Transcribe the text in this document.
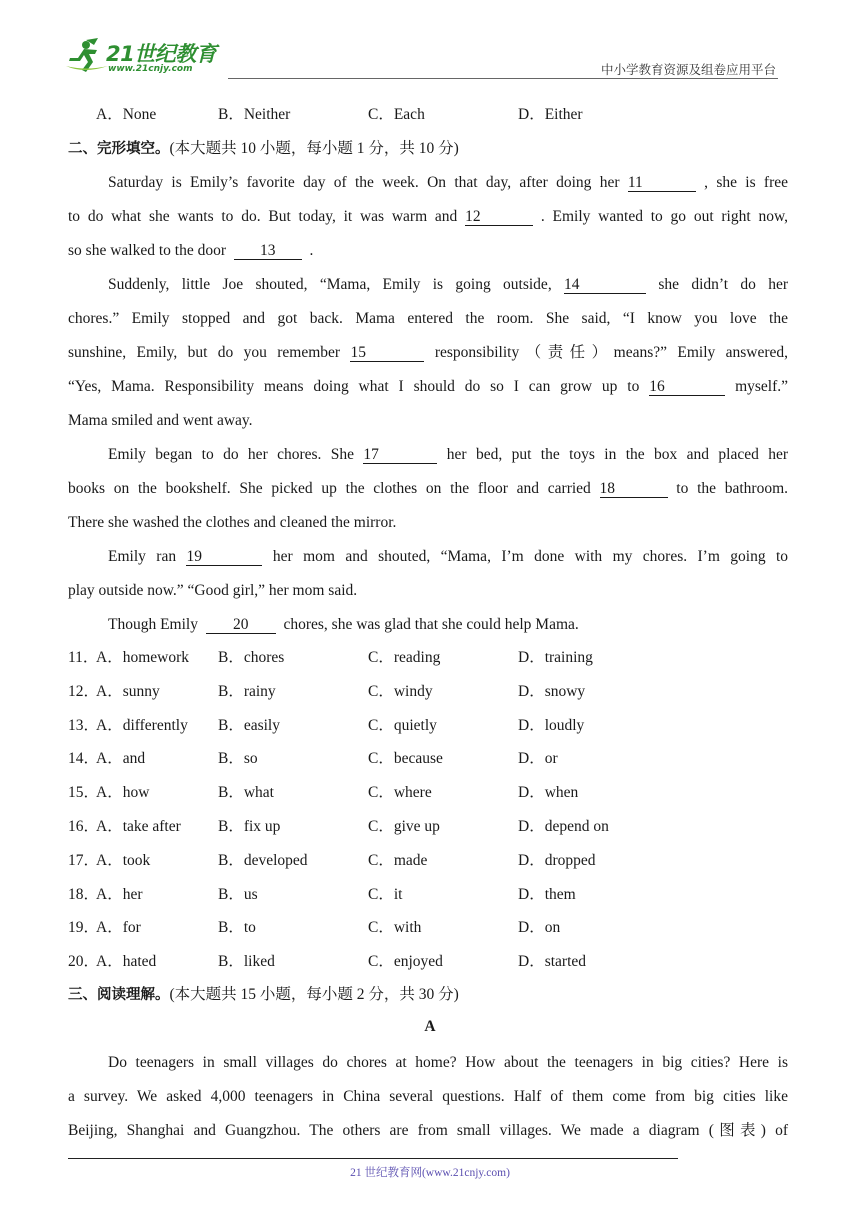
21世纪教育
www.21cnjy.com	中小学教育资源及组卷应用平台
A．None	B．Neither	C．Each	D．Either
二、完形填空。(本大题共 10 小题，每小题 1 分，共 10 分)
Saturday is Emily’s favorite day of the week. On that day, after doing her 11	, she is free
to do what she wants to do. But today, it was warm and 12	. Emily wanted to go out right now,
so she walked to the door 13 .
Suddenly, little Joe shouted, “Mama, Emily is going outside, 14	she didn’t do her
chores.” Emily stopped and got back. Mama entered the room. She said, “I know you love the
sunshine, Emily, but do you remember 15	responsibility（责任）means?” Emily answered,
“Yes, Mama. Responsibility means doing what I should do so I can grow up to 16	myself.”
Mama smiled and went away.
Emily began to do her chores. She 17	her bed, put the toys in the box and placed her
books on the bookshelf. She picked up the clothes on the floor and carried 18	to the bathroom.
There she washed the clothes and cleaned the mirror.
Emily ran 19	her mom and shouted, “Mama, I’m done with my chores. I’m going to
play outside now.” “Good girl,” her mom said.
Though Emily 20 chores, she was glad that she could help Mama.
11．
A．homework B．chores	C．reading	D．training
12．
A．sunny	B．rainy	C．windy	D．snowy
13．
A．differently B．easily	C．quietly	D．loudly
14．
A．and	B．so	C．because	D．or
15．
A．how	B．what	C．where	D．when
16．
A．take after B．fix up	C．give up	D．depend on
17．
A．took	B．developed	C．made	D．dropped
18．
A．her	B．us	C．it	D．them
19．
A．for	B．to	C．with	D．on
20．
A．hated	B．liked	C．enjoyed	D．started
三、阅读理解。(本大题共 15 小题，每小题 2 分，共 30 分)
A
Do teenagers in small villages do chores at home? How about the teenagers in big cities? Here is
a survey. We asked 4,000 teenagers in China several questions. Half of them come from big cities like
Beijing, Shanghai and Guangzhou. The others are from small villages. We made a diagram (图表) of
21 世纪教育网(www.21cnjy.com)
